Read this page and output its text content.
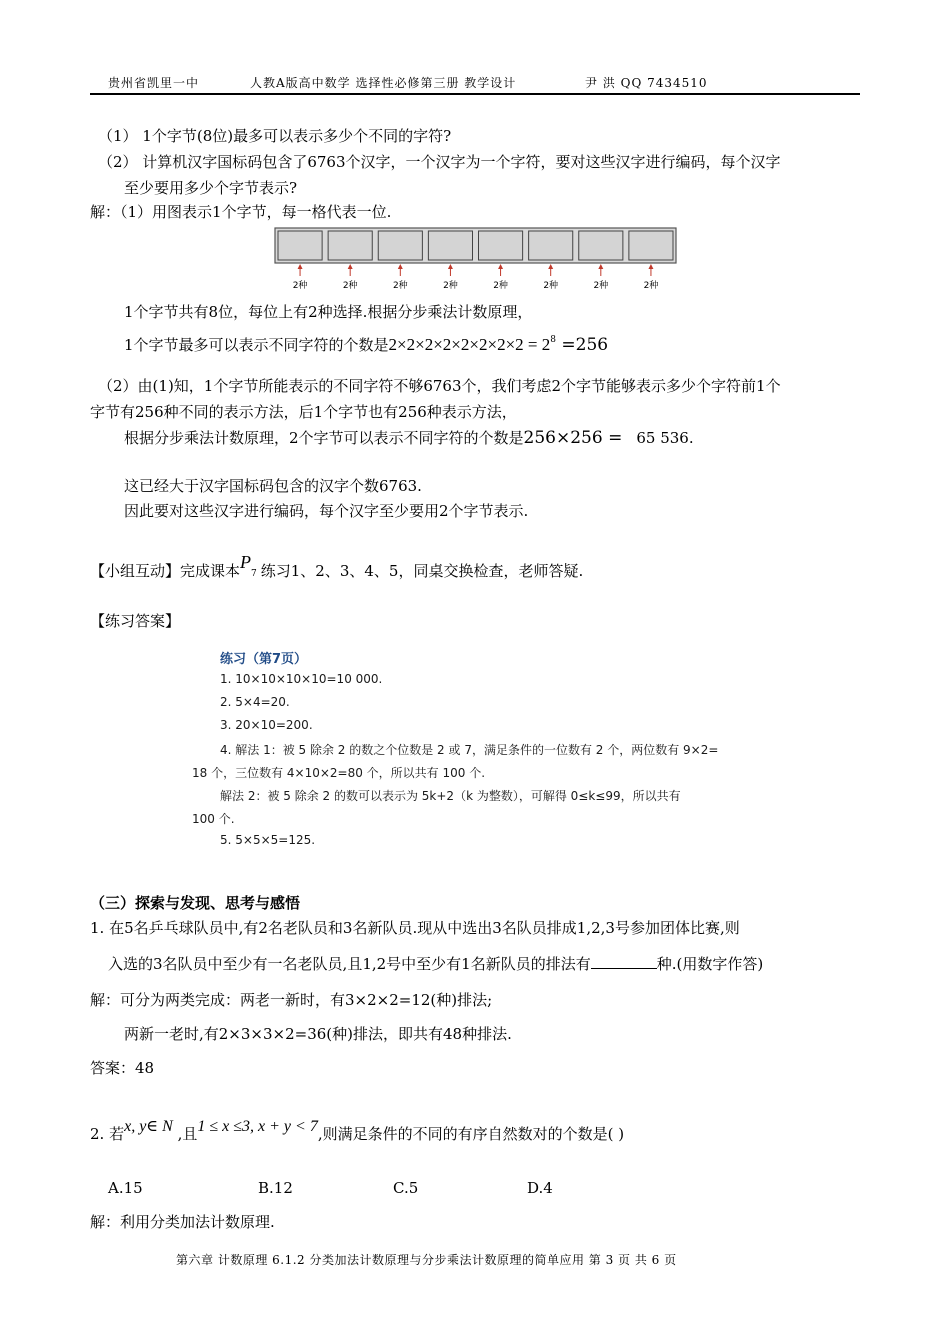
贵州省凯里一中	人教A版高中数学 选择性必修第三册 教学设计	尹 洪 QQ 7434510
（1） 1个字节(8位)最多可以表示多少个不同的字符?
（2） 计算机汉字国标码包含了6763个汉字，一个汉字为一个字符，要对这些汉字进行编码，每个汉字
至少要用多少个字节表示?
解：（1）用图表示1个字节，每一格代表一位.
2种	2种	2种	2种	2种	2种	2种	2种
1个字节共有8位，每位上有2种选择.根据分步乘法计数原理，
1个字节最多可以表示不同字符的个数是$2\times 2\times 2\times 2\times 2\times 2\times 2\times 2 = 2^8 =256$
（2）由(1)知，1个字节所能表示的不同字符不够6763个，我们考虑2个字节能够表示多少个字符前1个
字节有256种不同的表示方法，后1个字节也有256种表示方法，
根据分步乘法计数原理，2个字节可以表示不同字符的个数是256×256 = 65 536.
这已经大于汉字国标码包含的汉字个数6763.
因此要对这些汉字进行编码，每个汉字至少要用2个字节表示.
【小组互动】完成课本$P_7$ 练习1、2、3、4、5，同桌交换检查，老师答疑.
【练习答案】
练习（第7页）
1. 10×10×10×10=10 000.
2. 5×4=20.
3. 20×10=200.
4. 解法 1：被 5 除余 2 的数之个位数是 2 或 7，满足条件的一位数有 2 个，两位数有 9×2=
18 个，三位数有 4×10×2=80 个，所以共有 100 个.
解法 2：被 5 除余 2 的数可以表示为 5k+2（k 为整数），可解得 0≤k≤99，所以共有
100 个.
5. 5×5×5=125.
（三）探索与发现、思考与感悟
1. 在5名乒乓球队员中,有2名老队员和3名新队员.现从中选出3名队员排成1,2,3号参加团体比赛,则
入选的3名队员中至少有一名老队员,且1,2号中至少有1名新队员的排法有	种.(用数字作答)
解：可分为两类完成：两老一新时，有3×2×2=12(种)排法;
两新一老时,有2×3×3×2=36(种)排法，即共有48种排法.
答案：48
2. 若x, y∈ N ,且1 ≤ x ≤3, x + y < 7,则满足条件的不同的有序自然数对的个数是( )
A.15	B.12	C.5	D.4
解：利用分类加法计数原理.
第六章 计数原理 6.1.2 分类加法计数原理与分步乘法计数原理的简单应用 第 3 页 共 6 页
